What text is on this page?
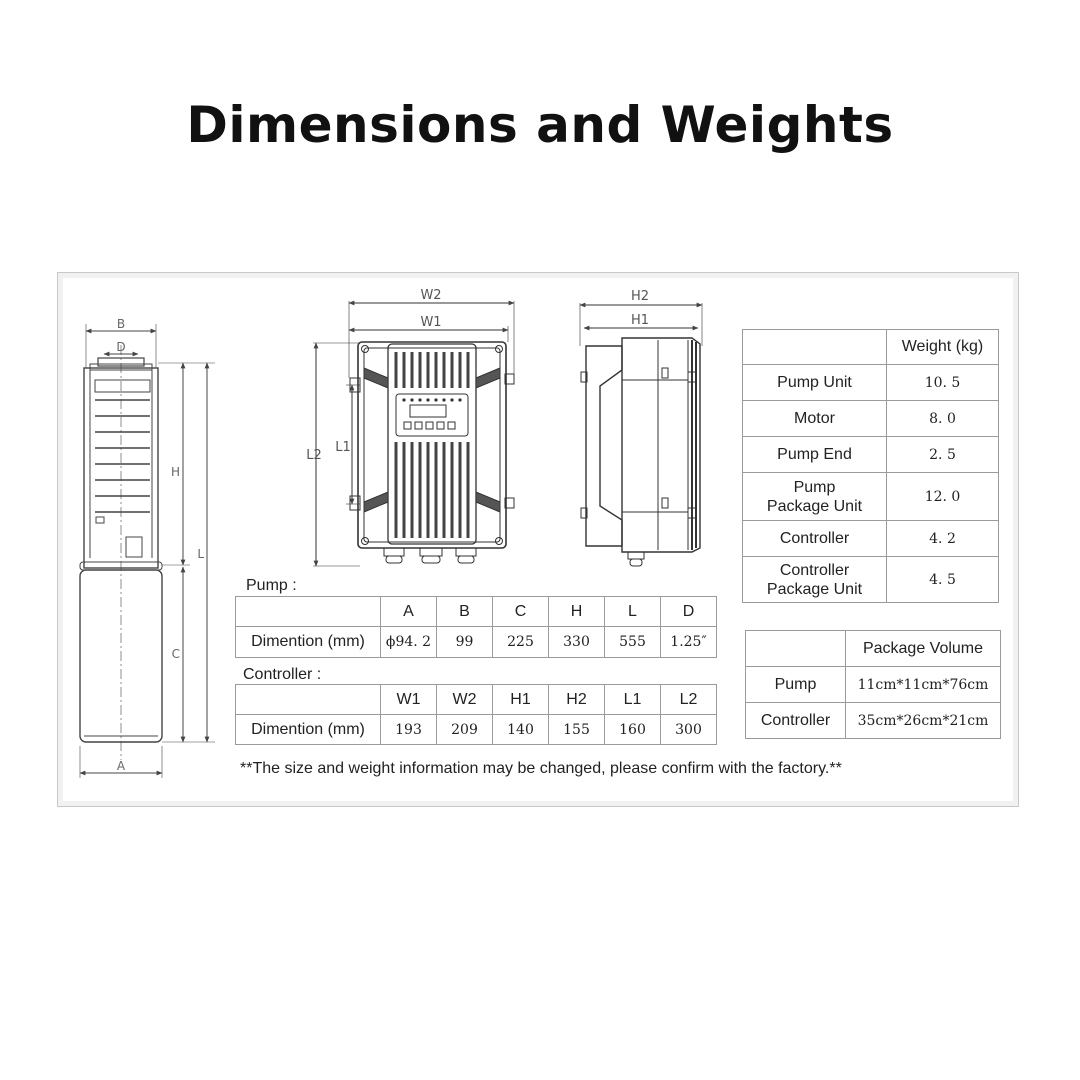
Dimensions and Weights
B
D
H
C
L
A
W2
W1
L2
L1
H2
H1
Pump :
	A	B	C	H	L	D
Dimention (mm)	ϕ94. 2	99	225	330	555	1.25″
Controller :
	W1	W2	H1	H2	L1	L2
Dimention (mm)	193	209	140	155	160	300
	Weight (kg)
Pump Unit	10. 5
Motor	8. 0
Pump End	2. 5
Pump
Package Unit	12. 0
Controller	4. 2
Controller
Package Unit	4. 5
	Package Volume
Pump	11cm*11cm*76cm
Controller	35cm*26cm*21cm
**The size and weight information may be changed, please confirm with the factory.**
